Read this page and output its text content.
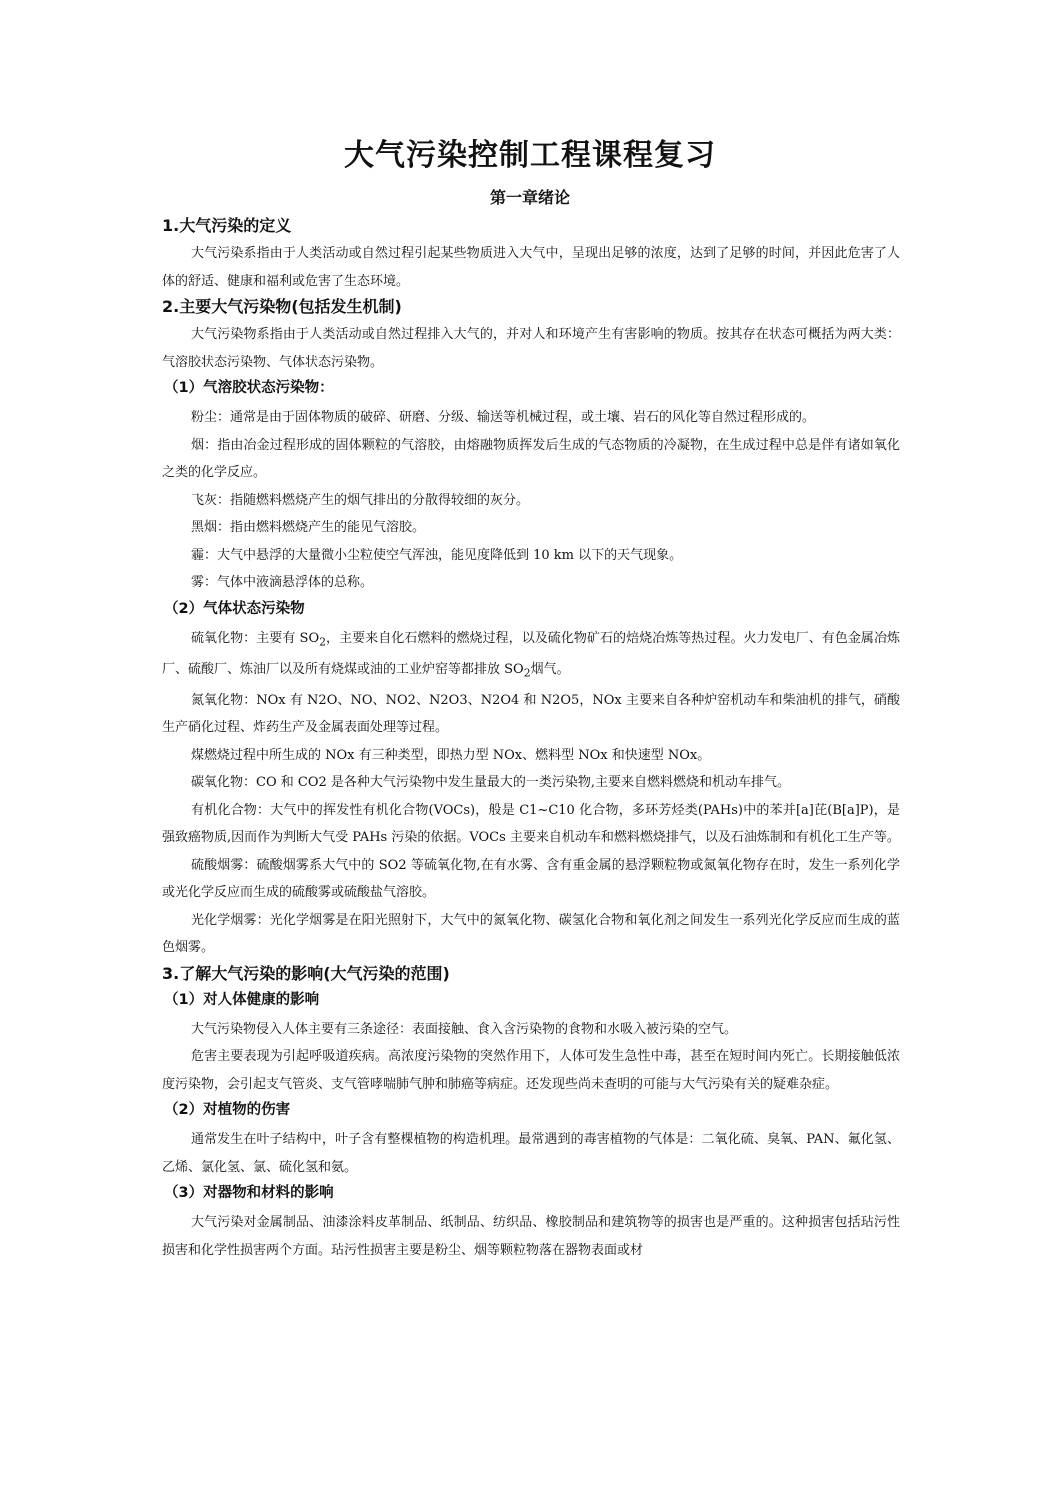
大气污染控制工程课程复习
第一章绪论
1.大气污染的定义

大气污染系指由于人类活动或自然过程引起某些物质进入大气中，呈现出足够的浓度，达到了足够的时间，并因此危害了人体的舒适、健康和福利或危害了生态环境。

2.主要大气污染物(包括发生机制)

大气污染物系指由于人类活动或自然过程排入大气的，并对人和环境产生有害影响的物质。按其存在状态可概括为两大类：气溶胶状态污染物、气体状态污染物。

（1）气溶胶状态污染物：

粉尘：通常是由于固体物质的破碎、研磨、分级、输送等机械过程，或土壤、岩石的风化等自然过程形成的。

烟：指由冶金过程形成的固体颗粒的气溶胶，由熔融物质挥发后生成的气态物质的冷凝物，在生成过程中总是伴有诸如氧化之类的化学反应。

飞灰：指随燃料燃烧产生的烟气排出的分散得较细的灰分。

黑烟：指由燃料燃烧产生的能见气溶胶。

霾：大气中悬浮的大量微小尘粒使空气浑浊，能见度降低到 10 km 以下的天气现象。

雾：气体中液滴悬浮体的总称。

（2）气体状态污染物

硫氧化物：主要有 $SO_2$，主要来自化石燃料的燃烧过程，以及硫化物矿石的焙烧冶炼等热过程。火力发电厂、有色金属冶炼厂、硫酸厂、炼油厂以及所有烧煤或油的工业炉窑等都排放 $SO_2$烟气。

氮氧化物：NOx 有 N2O、NO、NO2、N2O3、N2O4 和 N2O5，NOx 主要来自各种炉窑机动车和柴油机的排气，硝酸生产硝化过程、炸药生产及金属表面处理等过程。

煤燃烧过程中所生成的 NOx 有三种类型，即热力型 NOx、燃料型 NOx 和快速型 NOx。

碳氧化物：CO 和 CO2 是各种大气污染物中发生量最大的一类污染物,主要来自燃料燃烧和机动车排气。

有机化合物：大气中的挥发性有机化合物(VOCs)，般是 C1~C10 化合物，多环芳烃类(PAHs)中的苯并[a]芘(B[a]P)，是强致癌物质,因而作为判断大气受 PAHs 污染的依据。VOCs 主要来自机动车和燃料燃烧排气，以及石油炼制和有机化工生产等。

硫酸烟雾：硫酸烟雾系大气中的 SO2 等硫氧化物,在有水雾、含有重金属的悬浮颗粒物或氮氧化物存在时，发生一系列化学或光化学反应而生成的硫酸雾或硫酸盐气溶胶。

光化学烟雾：光化学烟雾是在阳光照射下，大气中的氮氧化物、碳氢化合物和氧化剂之间发生一系列光化学反应而生成的蓝色烟雾。

3.了解大气污染的影响(大气污染的范围)
（1）对人体健康的影响

大气污染物侵入人体主要有三条途径：表面接触、食入含污染物的食物和水吸入被污染的空气。

危害主要表现为引起呼吸道疾病。高浓度污染物的突然作用下，人体可发生急性中毒，甚至在短时间内死亡。长期接触低浓度污染物，会引起支气管炎、支气管哮喘肺气肿和肺癌等病症。还发现些尚未查明的可能与大气污染有关的疑难杂症。

（2）对植物的伤害

通常发生在叶子结构中，叶子含有整棵植物的构造机理。最常遇到的毒害植物的气体是：二氧化硫、臭氧、PAN、氟化氢、乙烯、氯化氢、氯、硫化氢和氨。

（3）对器物和材料的影响

大气污染对金属制品、油漆涂料皮革制品、纸制品、纺织品、橡胶制品和建筑物等的损害也是严重的。这种损害包括玷污性损害和化学性损害两个方面。玷污性损害主要是粉尘、烟等颗粒物落在器物表面或材
